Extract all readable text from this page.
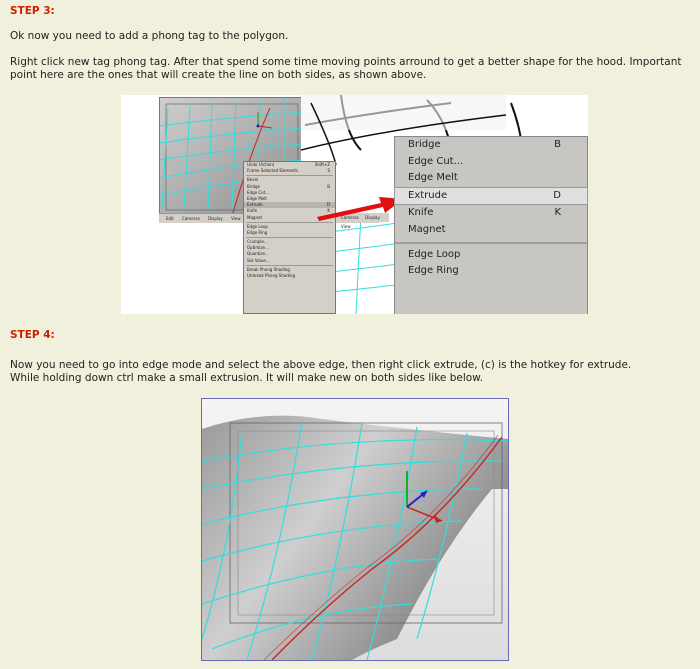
STEP 3:
Ok now you need to add a phong tag to the polygon.
Right click new tag phong tag. After that spend some time moving points arround to get a better shape for the hood. Important point here are the ones that will create the line on both sides, as shown above.
Edit Cameras Display View	Cameras Display View
Undo (Action)	Shift+Z
Frame Selected Elements	S
Bevel
Bridge	B
Edge Cut...
Edge Melt
Extrude	D
Knife	K
Magnet
Edge Loop
Edge Ring
Crumple...
Optimize...
Quantize...
Set Value...
Break Phong Shading
Unbreak Phong Shading
Bridge	B
Edge Cut...
Edge Melt
Extrude	D
Knife	K
Magnet
Edge Loop
Edge Ring
STEP 4:
Now you need to go into edge mode and select the above edge, then right click extrude, (c) is the hotkey for extrude.
While holding down ctrl make a small extrusion. It will make new on both sides like below.
